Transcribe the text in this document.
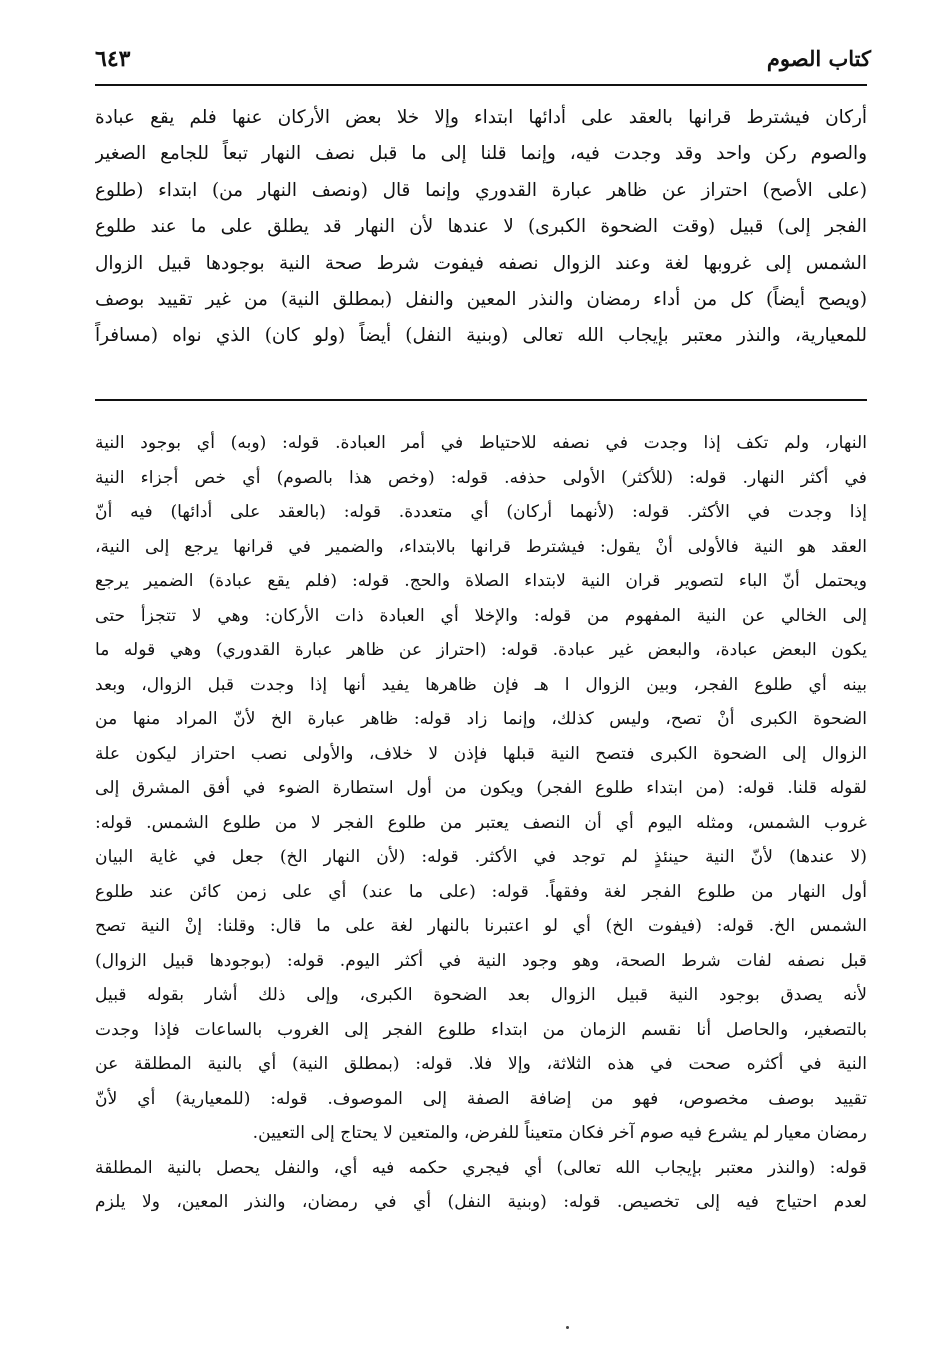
كتاب الصوم
٦٤٣
أركان فيشترط قرانها بالعقد على أدائها ابتداء وإلا خلا بعض الأركان عنها فلم يقع عبادة
والصوم ركن واحد وقد وجدت فيه، وإنما قلنا إلى ما قبل نصف النهار تبعاً للجامع الصغير
(على الأصح) احتراز عن ظاهر عبارة القدوري وإنما قال (ونصف النهار من) ابتداء (طلوع
الفجر إلى) قبيل (وقت الضحوة الكبرى) لا عندها لأن النهار قد يطلق على ما عند طلوع
الشمس إلى غروبها لغة وعند الزوال نصفه فيفوت شرط صحة النية بوجودها قبيل الزوال
(ويصح أيضاً) كل من أداء رمضان والنذر المعين والنفل (بمطلق النية) من غير تقييد بوصف
للمعيارية، والنذر معتبر بإيجاب الله تعالى (وبنية النفل) أيضاً (ولو كان) الذي نواه (مسافراً
النهار، ولم تكف إذا وجدت في نصفه للاحتياط في أمر العبادة. قوله: (وبه) أي بوجود النية
في أكثر النهار. قوله: (للأكثر) الأولى حذفه. قوله: (وخص هذا بالصوم) أي خص أجزاء النية
إذا وجدت في الأكثر. قوله: (لأنهما أركان) أي متعددة. قوله: (بالعقد على أدائها) فيه أنّ
العقد هو النية فالأولى أنْ يقول: فيشترط قرانها بالابتداء، والضمير في قرانها يرجع إلى النية،
ويحتمل أنّ الباء لتصوير قران النية لابتداء الصلاة والحج. قوله: (فلم يقع عبادة) الضمير يرجع
إلى الخالي عن النية المفهوم من قوله: والإخلا أي العبادة ذات الأركان: وهي لا تتجزأ حتى
يكون البعض عبادة، والبعض غير عبادة. قوله: (احتراز عن ظاهر عبارة القدوري) وهي قوله ما
بينه أي طلوع الفجر، وبين الزوال ا هـ فإن ظاهرها يفيد أنها إذا وجدت قبل الزوال، وبعد
الضحوة الكبرى أنْ تصح، وليس كذلك، وإنما زاد قوله: ظاهر عبارة الخ لأنّ المراد منها من
الزوال إلى الضحوة الكبرى فتصح النية قبلها فإذن لا خلاف، والأولى نصب احتراز ليكون علة
لقوله قلنا. قوله: (من ابتداء طلوع الفجر) ويكون من أول استطارة الضوء في أفق المشرق إلى
غروب الشمس، ومثله اليوم أي أن النصف يعتبر من طلوع الفجر لا من طلوع الشمس. قوله:
(لا عندها) لأنّ النية حينئذٍ لم توجد في الأكثر. قوله: (لأن النهار الخ) جعل في غاية البيان
أول النهار من طلوع الفجر لغة وفقهاً. قوله: (على ما عند) أي على زمن كائن عند طلوع
الشمس الخ. قوله: (فيفوت الخ) أي لو اعتبرنا بالنهار لغة على ما قال: وقلنا: إنْ النية تصح
قبل نصفه لفات شرط الصحة، وهو وجود النية في أكثر اليوم. قوله: (بوجودها قبيل الزوال)
لأنه يصدق بوجود النية قبيل الزوال بعد الضحوة الكبرى، وإلى ذلك أشار بقوله قبيل
بالتصغير، والحاصل أنا نقسم الزمان من ابتداء طلوع الفجر إلى الغروب بالساعات فإذا وجدت
النية في أكثره صحت في هذه الثلاثة، وإلا فلا. قوله: (بمطلق النية) أي بالنية المطلقة عن
تقييد بوصف مخصوص، فهو من إضافة الصفة إلى الموصوف. قوله: (للمعيارية) أي لأنّ
رمضان معيار لم يشرع فيه صوم آخر فكان متعيناً للفرض، والمتعين لا يحتاج إلى التعيين.
قوله: (والنذر معتبر بإيجاب الله تعالى) أي فيجري حكمه فيه أي، والنفل يحصل بالنية المطلقة
لعدم احتياج فيه إلى تخصيص. قوله: (وبنية النفل) أي في رمضان، والنذر المعين، ولا يلزم
